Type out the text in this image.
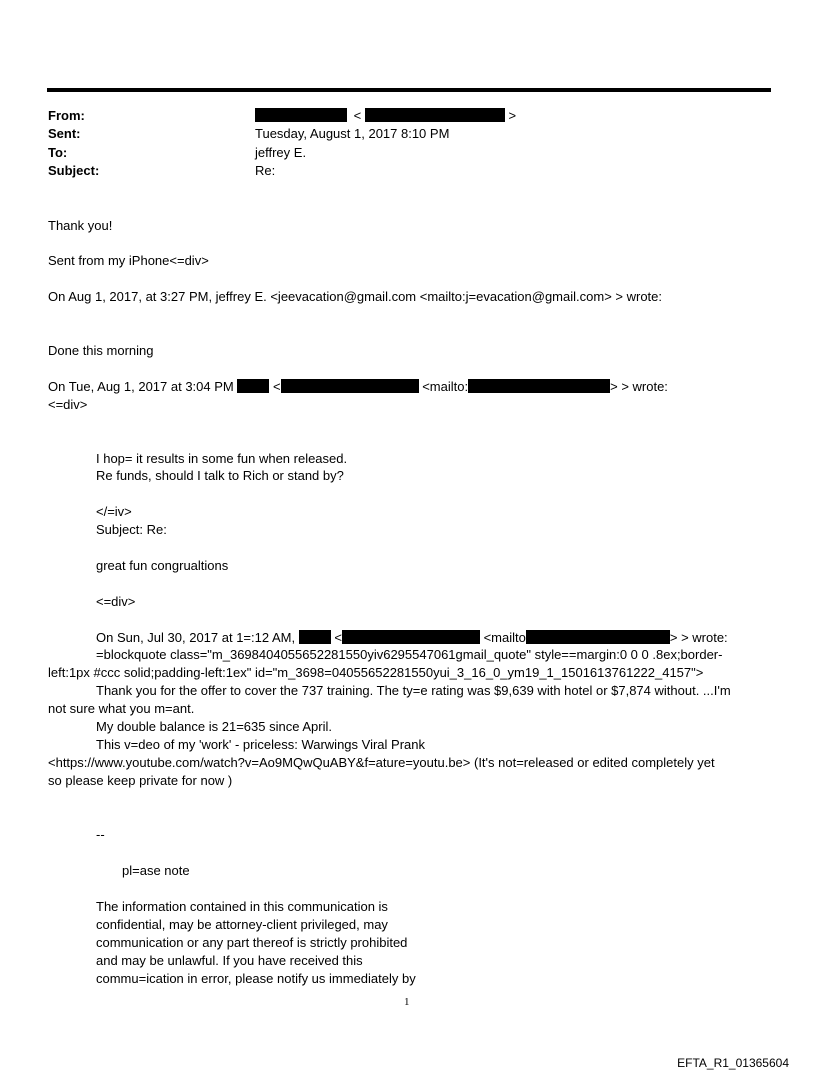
From:	<	>
Sent:	Tuesday, August 1, 2017 8:10 PM
To:	jeffrey E.
Subject:	Re:
Thank you!
Sent from my iPhone<=div>
On Aug 1, 2017, at 3:27 PM, jeffrey E. <jeevacation@gmail.com <mailto:j=evacation@gmail.com> > wrote:
Done this morning
On Tue, Aug 1, 2017 at 3:04 PM	<	<mailto:	> > wrote:
<=div>
I hop= it results in some fun when released.
Re funds, should I talk to Rich or stand by?
</=iv>
Subject: Re:
great fun congrualtions
<=div>
On Sun, Jul 30, 2017 at 1=:12 AM,	<	<mailto	> > wrote:
=blockquote class="m_3698404055652281550yiv6295547061gmail_quote" style==margin:0 0 0 .8ex;border-
left:1px #ccc solid;padding-left:1ex" id="m_3698=04055652281550yui_3_16_0_ym19_1_1501613761222_4157">
Thank you for the offer to cover the 737 training. The ty=e rating was $9,639 with hotel or $7,874 without. ...I'm
not sure what you m=ant.
My double balance is 21=635 since April.
This v=deo of my 'work' - priceless: Warwings Viral Prank
<https://www.youtube.com/watch?v=Ao9MQwQuABY&f=ature=youtu.be> (It's not=released or edited completely yet
so please keep private for now )
--
pl=ase note
The information contained in this communication is
confidential, may be attorney-client privileged, may
communication or any part thereof is strictly prohibited
and may be unlawful. If you have received this
commu=ication in error, please notify us immediately by
1
EFTA_R1_01365604
